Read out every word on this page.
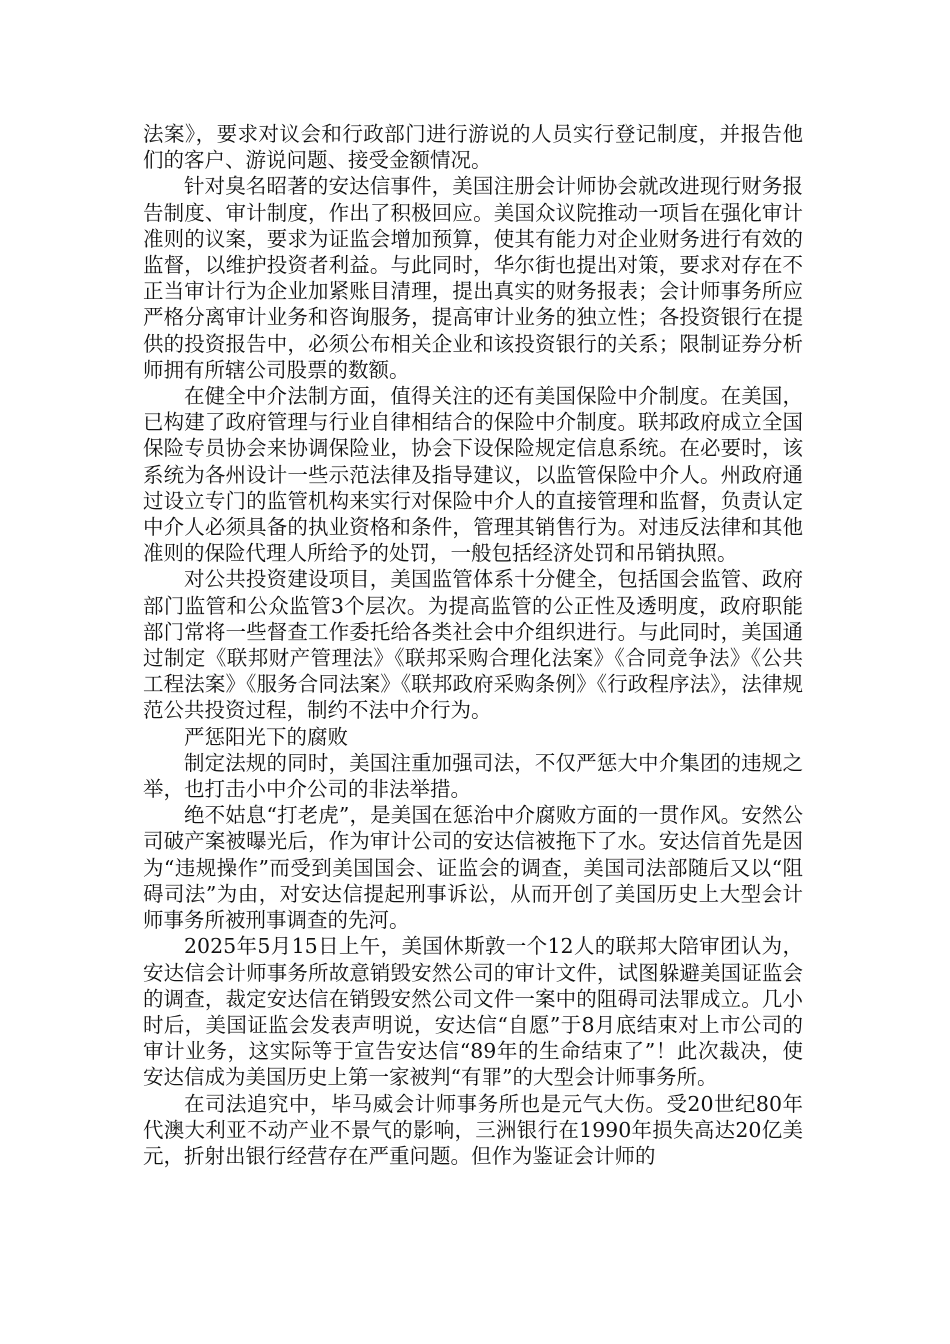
法案》，要求对议会和行政部门进行游说的人员实行登记制度，并报告他们的客户、游说问题、接受金额情况。

针对臭名昭著的安达信事件，美国注册会计师协会就改进现行财务报告制度、审计制度，作出了积极回应。美国众议院推动一项旨在强化审计准则的议案，要求为证监会增加预算，使其有能力对企业财务进行有效的监督，以维护投资者利益。与此同时，华尔街也提出对策，要求对存在不正当审计行为企业加紧账目清理，提出真实的财务报表；会计师事务所应严格分离审计业务和咨询服务，提高审计业务的独立性；各投资银行在提供的投资报告中，必须公布相关企业和该投资银行的关系；限制证券分析师拥有所辖公司股票的数额。

在健全中介法制方面，值得关注的还有美国保险中介制度。在美国，已构建了政府管理与行业自律相结合的保险中介制度。联邦政府成立全国保险专员协会来协调保险业，协会下设保险规定信息系统。在必要时，该系统为各州设计一些示范法律及指导建议，以监管保险中介人。州政府通过设立专门的监管机构来实行对保险中介人的直接管理和监督，负责认定中介人必须具备的执业资格和条件，管理其销售行为。对违反法律和其他准则的保险代理人所给予的处罚，一般包括经济处罚和吊销执照。

对公共投资建设项目，美国监管体系十分健全，包括国会监管、政府部门监管和公众监管3个层次。为提高监管的公正性及透明度，政府职能部门常将一些督查工作委托给各类社会中介组织进行。与此同时，美国通过制定《联邦财产管理法》《联邦采购合理化法案》《合同竞争法》《公共工程法案》《服务合同法案》《联邦政府采购条例》《行政程序法》，法律规范公共投资过程，制约不法中介行为。

严惩阳光下的腐败

制定法规的同时，美国注重加强司法，不仅严惩大中介集团的违规之举，也打击小中介公司的非法举措。

绝不姑息“打老虎”，是美国在惩治中介腐败方面的一贯作风。安然公司破产案被曝光后，作为审计公司的安达信被拖下了水。安达信首先是因为“违规操作”而受到美国国会、证监会的调查，美国司法部随后又以“阻碍司法”为由，对安达信提起刑事诉讼，从而开创了美国历史上大型会计师事务所被刑事调查的先河。

2025年5月15日上午，美国休斯敦一个12人的联邦大陪审团认为，安达信会计师事务所故意销毁安然公司的审计文件，试图躲避美国证监会的调查，裁定安达信在销毁安然公司文件一案中的阻碍司法罪成立。几小时后，美国证监会发表声明说，安达信“自愿”于8月底结束对上市公司的审计业务，这实际等于宣告安达信“89年的生命结束了”！此次裁决，使安达信成为美国历史上第一家被判“有罪”的大型会计师事务所。

在司法追究中，毕马威会计师事务所也是元气大伤。受20世纪80年代澳大利亚不动产业不景气的影响，三洲银行在1990年损失高达20亿美元，折射出银行经营存在严重问题。但作为鉴证会计师的
